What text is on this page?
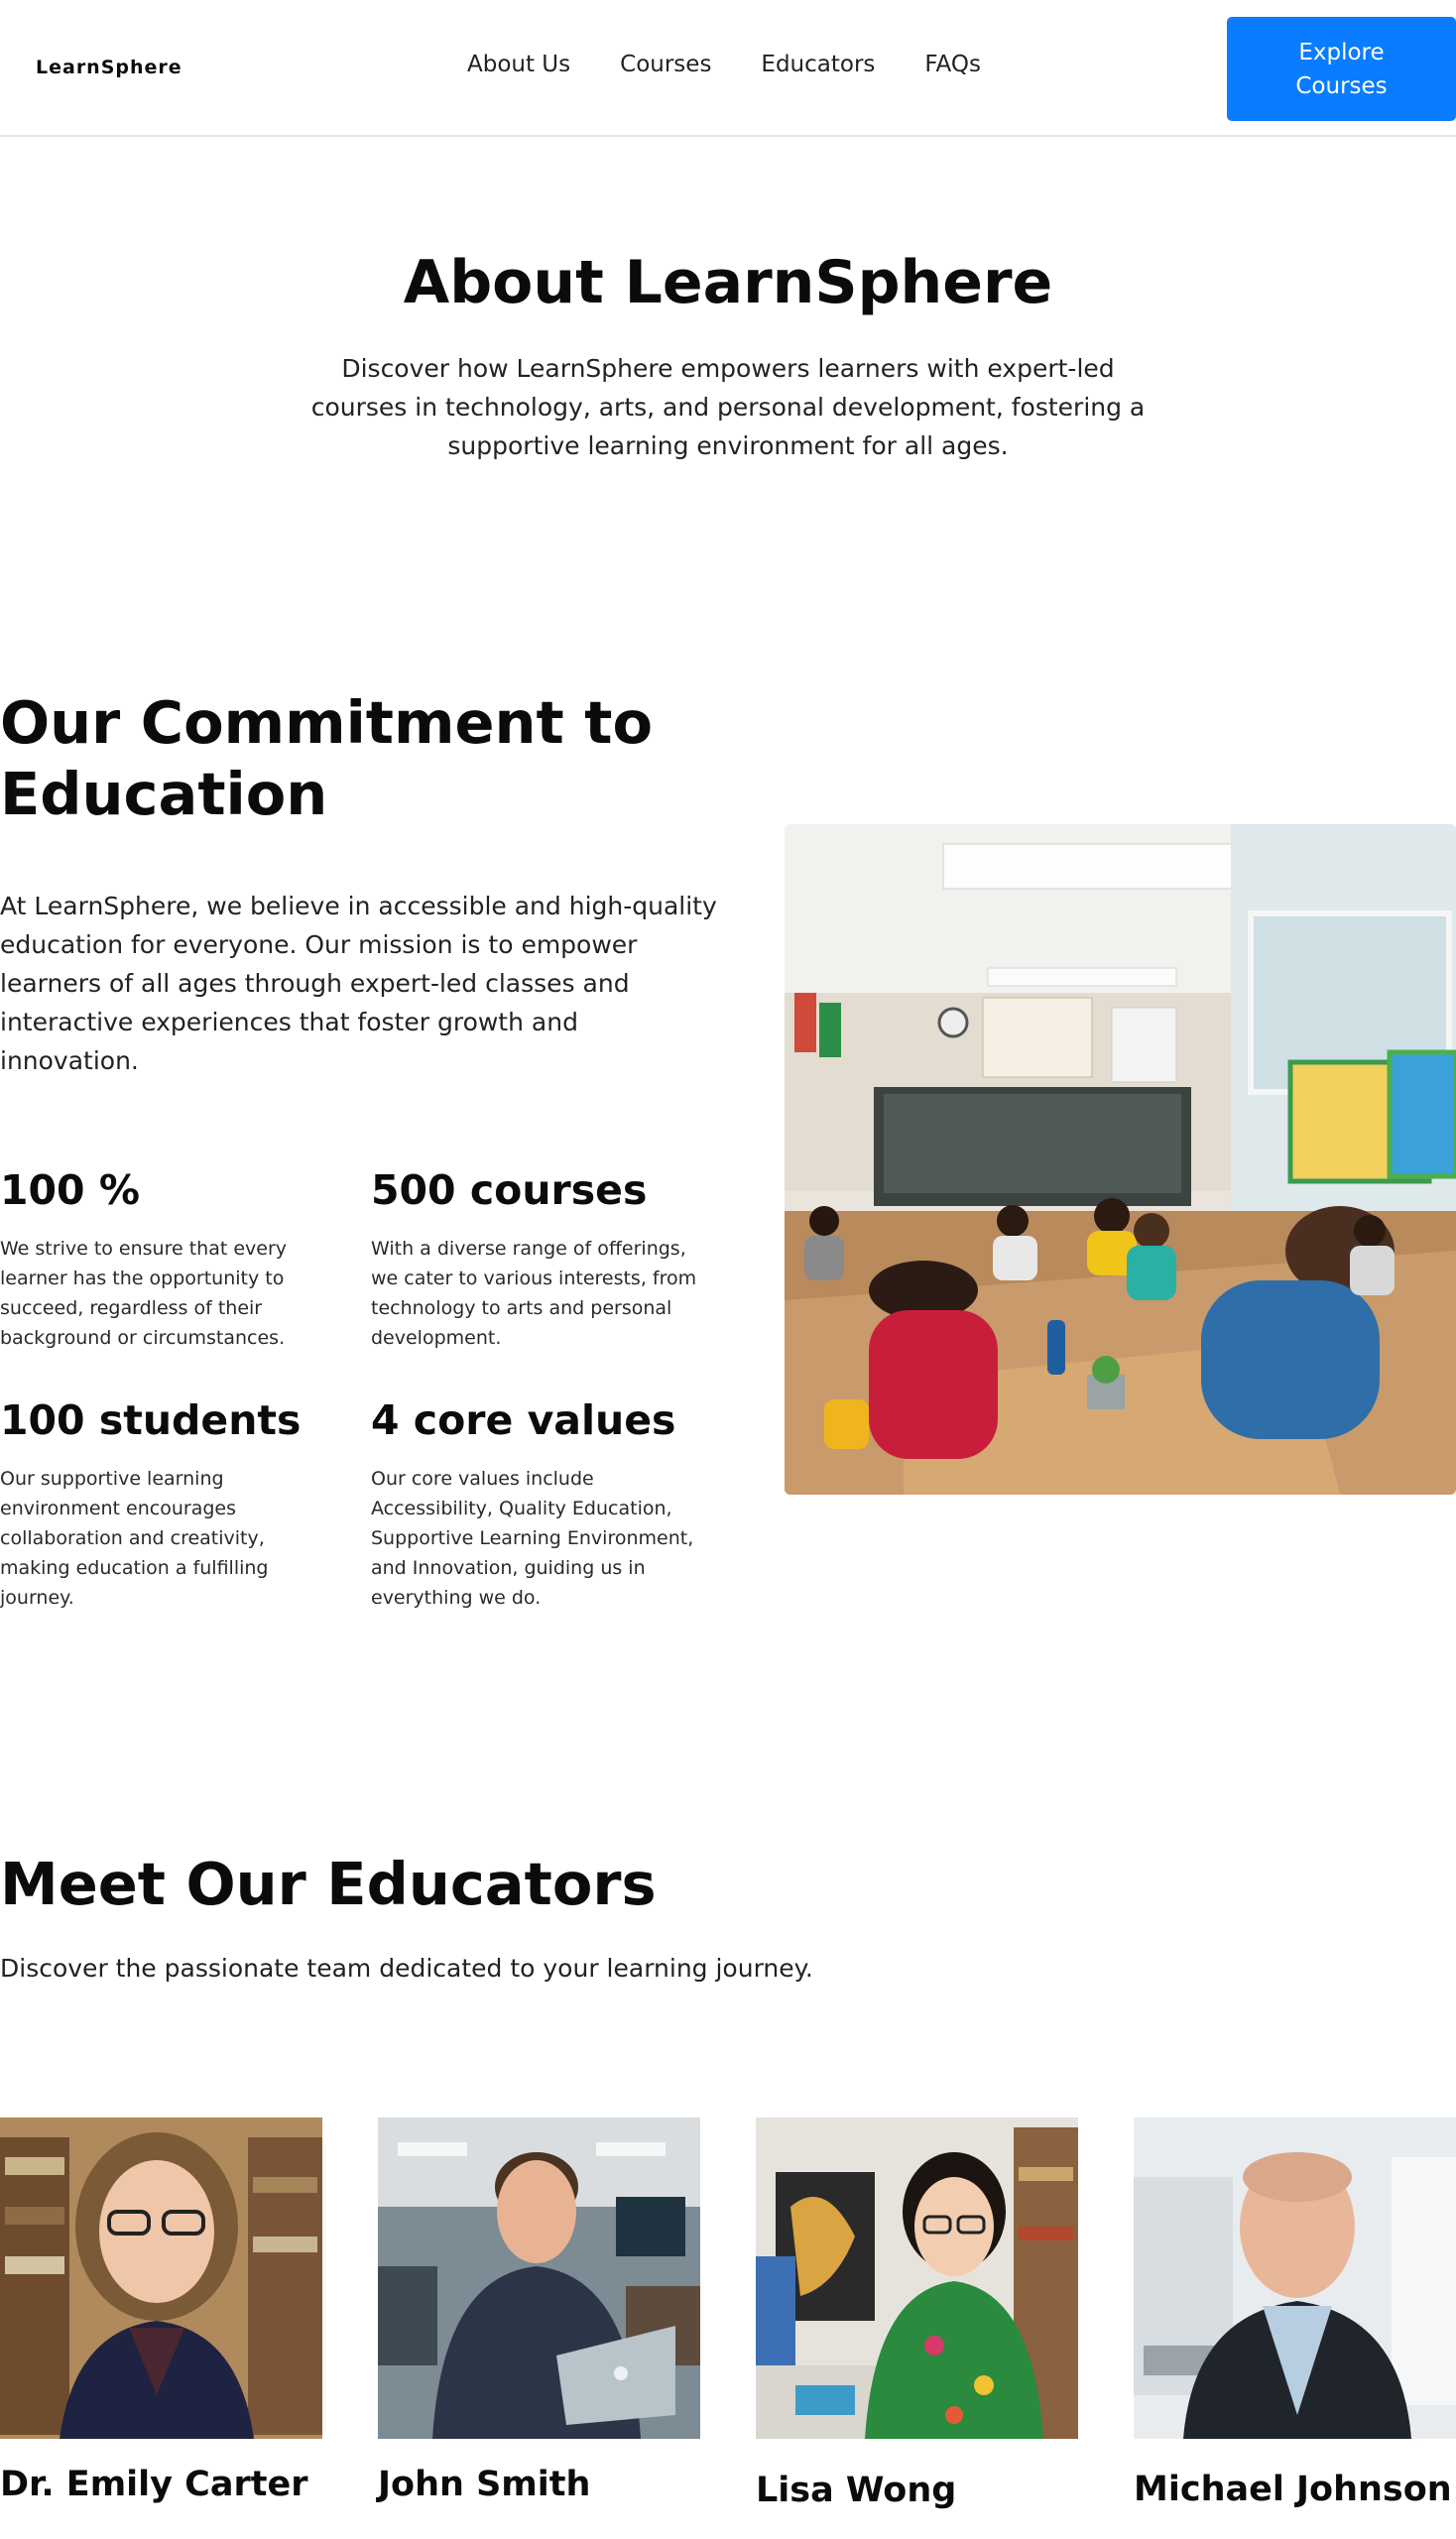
LearnSphere	About Us Courses Educators FAQs	Explore Courses
About LearnSphere
Discover how LearnSphere empowers learners with expert-led courses in technology, arts, and personal development, fostering a supportive learning environment for all ages.
Our Commitment to Education
At LearnSphere, we believe in accessible and high-quality education for everyone. Our mission is to empower learners of all ages through expert-led classes and interactive experiences that foster growth and innovation.
100 %

We strive to ensure that every learner has the opportunity to succeed, regardless of their background or circumstances.

500 courses

With a diverse range of offerings, we cater to various interests, from technology to arts and personal development.

100 students

Our supportive learning environment encourages collaboration and creativity, making education a fulfilling journey.

4 core values

Our core values include Accessibility, Quality Education, Supportive Learning Environment, and Innovation, guiding us in everything we do.

Meet Our Educators
Discover the passionate team dedicated to your learning journey.
Dr. Emily Carter John Smith	Lisa Wong	Michael Johnson
